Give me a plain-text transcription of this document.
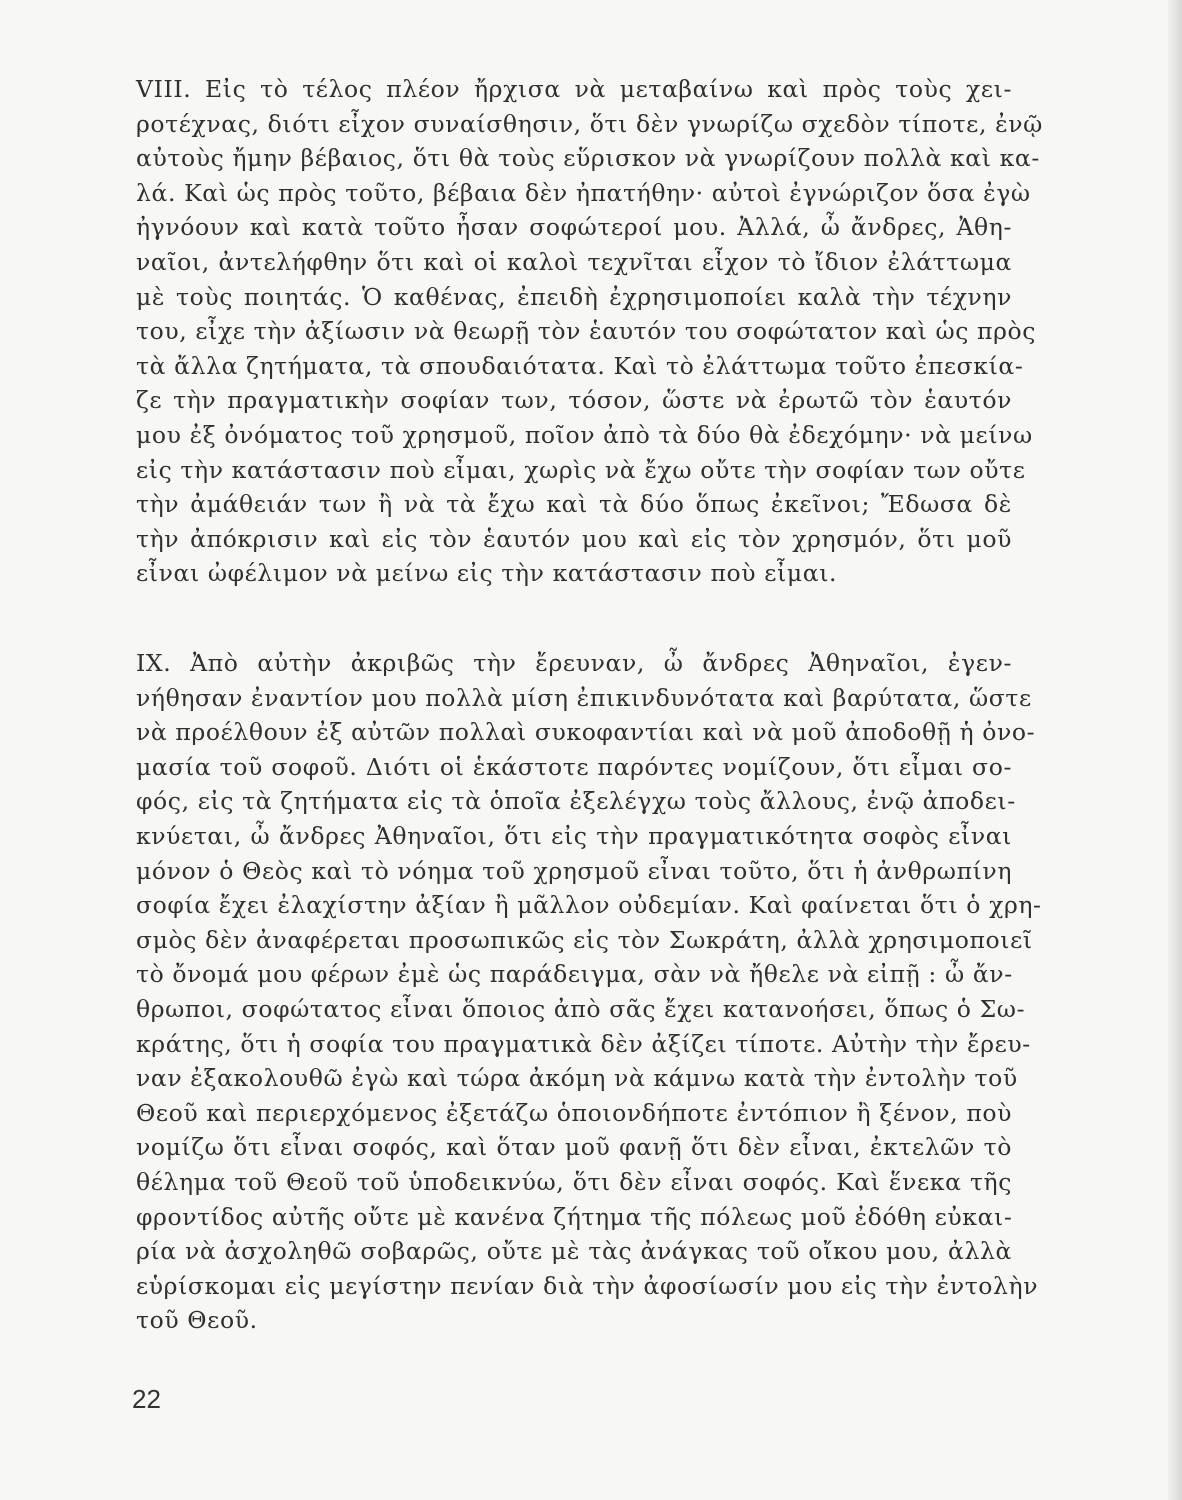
VIII. Εἰς τὸ τέλος πλέον ἤρχισα νὰ μεταβαίνω καὶ πρὸς τοὺς χει-
ροτέχνας, διότι εἶχον συναίσθησιν, ὅτι δὲν γνωρίζω σχεδὸν τίποτε, ἐνῷ
αὐτοὺς ἤμην βέβαιος, ὅτι θὰ τοὺς εὕρισκον νὰ γνωρίζουν πολλὰ καὶ κα-
λά. Καὶ ὡς πρὸς τοῦτο, βέβαια δὲν ἠπατήθην· αὐτοὶ ἐγνώριζον ὅσα ἐγὼ
ἠγνόουν καὶ κατὰ τοῦτο ἦσαν σοφώτεροί μου. Ἀλλά, ὦ ἄνδρες, Ἀθη-
ναῖοι, ἀντελήφθην ὅτι καὶ οἱ καλοὶ τεχνῖται εἶχον τὸ ἴδιον ἐλάττωμα
μὲ τοὺς ποιητάς. Ὁ καθένας, ἐπειδὴ ἐχρησιμοποίει καλὰ τὴν τέχνην
του, εἶχε τὴν ἀξίωσιν νὰ θεωρῇ τὸν ἑαυτόν του σοφώτατον καὶ ὡς πρὸς
τὰ ἄλλα ζητήματα, τὰ σπουδαιότατα. Καὶ τὸ ἐλάττωμα τοῦτο ἐπεσκία-
ζε τὴν πραγματικὴν σοφίαν των, τόσον, ὥστε νὰ ἐρωτῶ τὸν ἑαυτόν
μου ἐξ ὀνόματος τοῦ χρησμοῦ, ποῖον ἀπὸ τὰ δύο θὰ ἐδεχόμην· νὰ μείνω
εἰς τὴν κατάστασιν ποὺ εἶμαι, χωρὶς νὰ ἔχω οὔτε τὴν σοφίαν των οὔτε
τὴν ἀμάθειάν των ἢ νὰ τὰ ἔχω καὶ τὰ δύο ὅπως ἐκεῖνοι; Ἔδωσα δὲ
τὴν ἀπόκρισιν καὶ εἰς τὸν ἑαυτόν μου καὶ εἰς τὸν χρησμόν, ὅτι μοῦ
εἶναι ὠφέλιμον νὰ μείνω εἰς τὴν κατάστασιν ποὺ εἶμαι.
IX. Ἀπὸ αὐτὴν ἀκριβῶς τὴν ἔρευναν, ὦ ἄνδρες Ἀθηναῖοι, ἐγεν-
νήθησαν ἐναντίον μου πολλὰ μίση ἐπικινδυνότατα καὶ βαρύτατα, ὥστε
νὰ προέλθουν ἐξ αὐτῶν πολλαὶ συκοφαντίαι καὶ νὰ μοῦ ἀποδοθῇ ἡ ὀνο-
μασία τοῦ σοφοῦ. Διότι οἱ ἑκάστοτε παρόντες νομίζουν, ὅτι εἶμαι σο-
φός, εἰς τὰ ζητήματα εἰς τὰ ὁποῖα ἐξελέγχω τοὺς ἄλλους, ἐνῷ ἀποδει-
κνύεται, ὦ ἄνδρες Ἀθηναῖοι, ὅτι εἰς τὴν πραγματικότητα σοφὸς εἶναι
μόνον ὁ Θεὸς καὶ τὸ νόημα τοῦ χρησμοῦ εἶναι τοῦτο, ὅτι ἡ ἀνθρωπίνη
σοφία ἔχει ἐλαχίστην ἀξίαν ἢ μᾶλλον οὐδεμίαν. Καὶ φαίνεται ὅτι ὁ χρη-
σμὸς δὲν ἀναφέρεται προσωπικῶς εἰς τὸν Σωκράτη, ἀλλὰ χρησιμοποιεῖ
τὸ ὄνομά μου φέρων ἐμὲ ὡς παράδειγμα, σὰν νὰ ἤθελε νὰ εἰπῇ : ὦ ἄν-
θρωποι, σοφώτατος εἶναι ὅποιος ἀπὸ σᾶς ἔχει κατανοήσει, ὅπως ὁ Σω-
κράτης, ὅτι ἡ σοφία του πραγματικὰ δὲν ἀξίζει τίποτε. Αὐτὴν τὴν ἔρευ-
ναν ἐξακολουθῶ ἐγὼ καὶ τώρα ἀκόμη νὰ κάμνω κατὰ τὴν ἐντολὴν τοῦ
Θεοῦ καὶ περιερχόμενος ἐξετάζω ὁποιονδήποτε ἐντόπιον ἢ ξένον, ποὺ
νομίζω ὅτι εἶναι σοφός, καὶ ὅταν μοῦ φανῇ ὅτι δὲν εἶναι, ἐκτελῶν τὸ
θέλημα τοῦ Θεοῦ τοῦ ὑποδεικνύω, ὅτι δὲν εἶναι σοφός. Καὶ ἕνεκα τῆς
φροντίδος αὐτῆς οὔτε μὲ κανένα ζήτημα τῆς πόλεως μοῦ ἐδόθη εὐκαι-
ρία νὰ ἀσχοληθῶ σοβαρῶς, οὔτε μὲ τὰς ἀνάγκας τοῦ οἴκου μου, ἀλλὰ
εὑρίσκομαι εἰς μεγίστην πενίαν διὰ τὴν ἀφοσίωσίν μου εἰς τὴν ἐντολὴν
τοῦ Θεοῦ.
22
